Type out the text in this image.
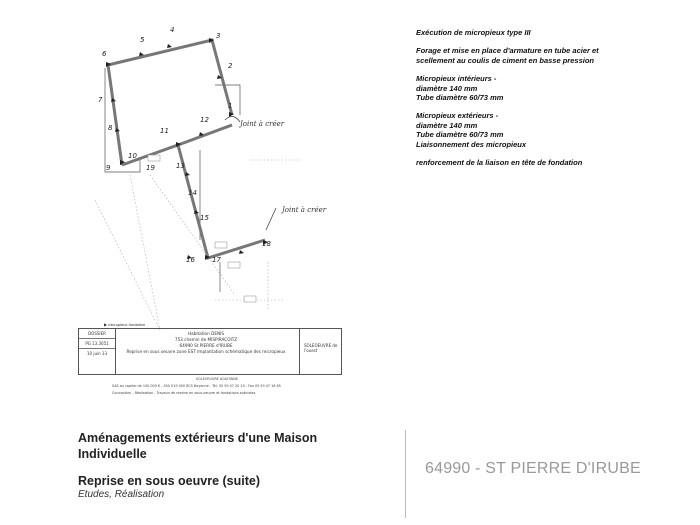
1
2
3
4
5
6
7
8
9
10
11
12
13
14
15
16 17
18
19
Joint à créer
Joint à créer
▶ micropieux fondation

Exécution de micropieux type III

Forage et mise en place d'armature en tube acier et
scellement au coulis de ciment en basse pression

Micropieux intérieurs -
diamètre 140 mm
Tube diamètre 60/73 mm

Micropieux extérieurs -
diamètre 140 mm
Tube diamètre 60/73 mm
Liaisonnement des micropieux

renforcement de la liaison en tête de fondation

DOSSIER
PG 13.3051
10 juin 13
Habitation DENIS
753 chemin de MISPIRACOITZ
64990 St PIERRE d'IRUBE
Reprise en sous oeuvre zone EST Implantation schématique des micropieux
SOLEOEUVRE de l'ouest
SOLEOEUVRE AQUITAINE
SAS au capital de 100 000 € - 500 019 000 RCS Bayonne - Tél. 05 59 47 20 20 - Fax 05 59 47 16 65
Conception - Réalisation - Travaux de reprise en sous-oeuvre et fondations spéciales
Aménagements extérieurs d'une Maison Individuelle
Reprise en sous oeuvre (suite)
Etudes, Réalisation
64990 - ST PIERRE D'IRUBE
